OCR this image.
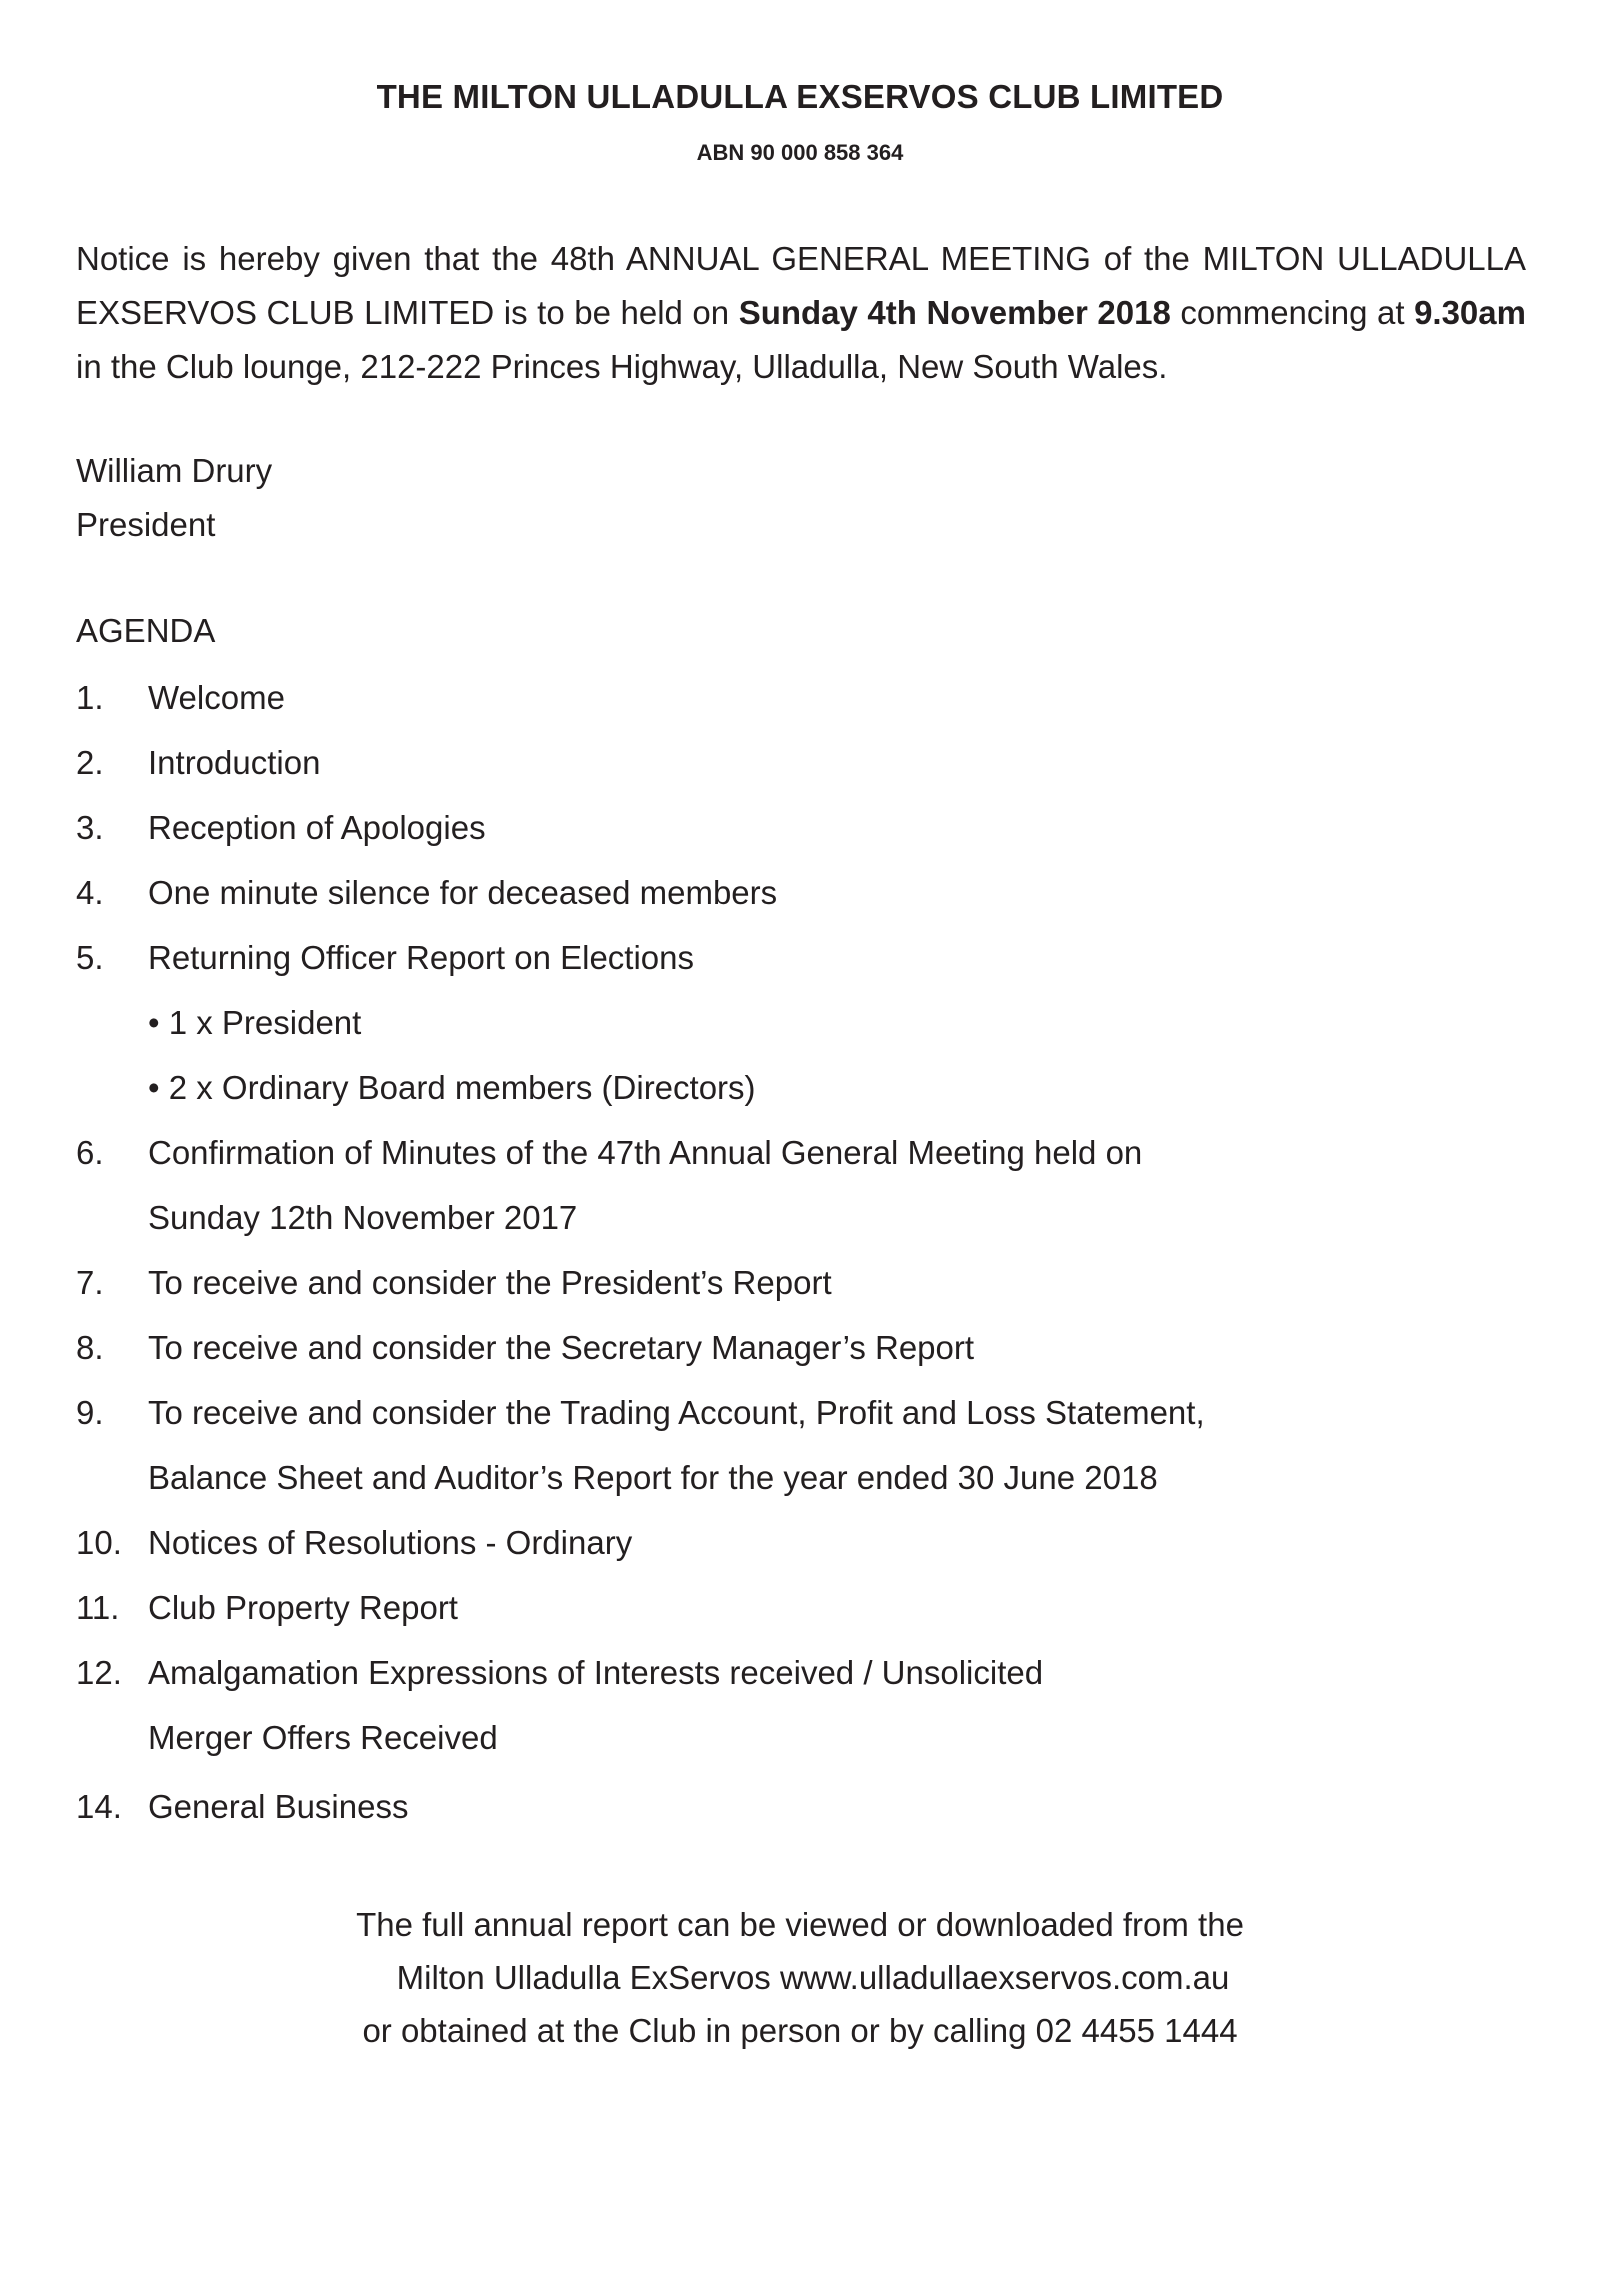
THE MILTON ULLADULLA EXSERVOS CLUB LIMITED
ABN 90 000 858 364
Notice is hereby given that the 48th ANNUAL GENERAL MEETING of the MILTON ULLADULLA EXSERVOS CLUB LIMITED is to be held on Sunday 4th November 2018 commencing at 9.30am in the Club lounge, 212-222 Princes Highway, Ulladulla, New South Wales.
William Drury
President
AGENDA
1. Welcome
2. Introduction
3. Reception of Apologies
4. One minute silence for deceased members
5. Returning Officer Report on Elections
• 1 x President
• 2 x Ordinary Board members (Directors)
6. Confirmation of Minutes of the 47th Annual General Meeting held on
Sunday 12th November 2017
7. To receive and consider the President’s Report
8. To receive and consider the Secretary Manager’s Report
9. To receive and consider the Trading Account, Profit and Loss Statement,
Balance Sheet and Auditor’s Report for the year ended 30 June 2018
10. Notices of Resolutions - Ordinary
11. Club Property Report
12. Amalgamation Expressions of Interests received / Unsolicited
Merger Offers Received
14. General Business
The full annual report can be viewed or downloaded from the
Milton Ulladulla ExServos www.ulladullaexservos.com.au
or obtained at the Club in person or by calling 02 4455 1444
